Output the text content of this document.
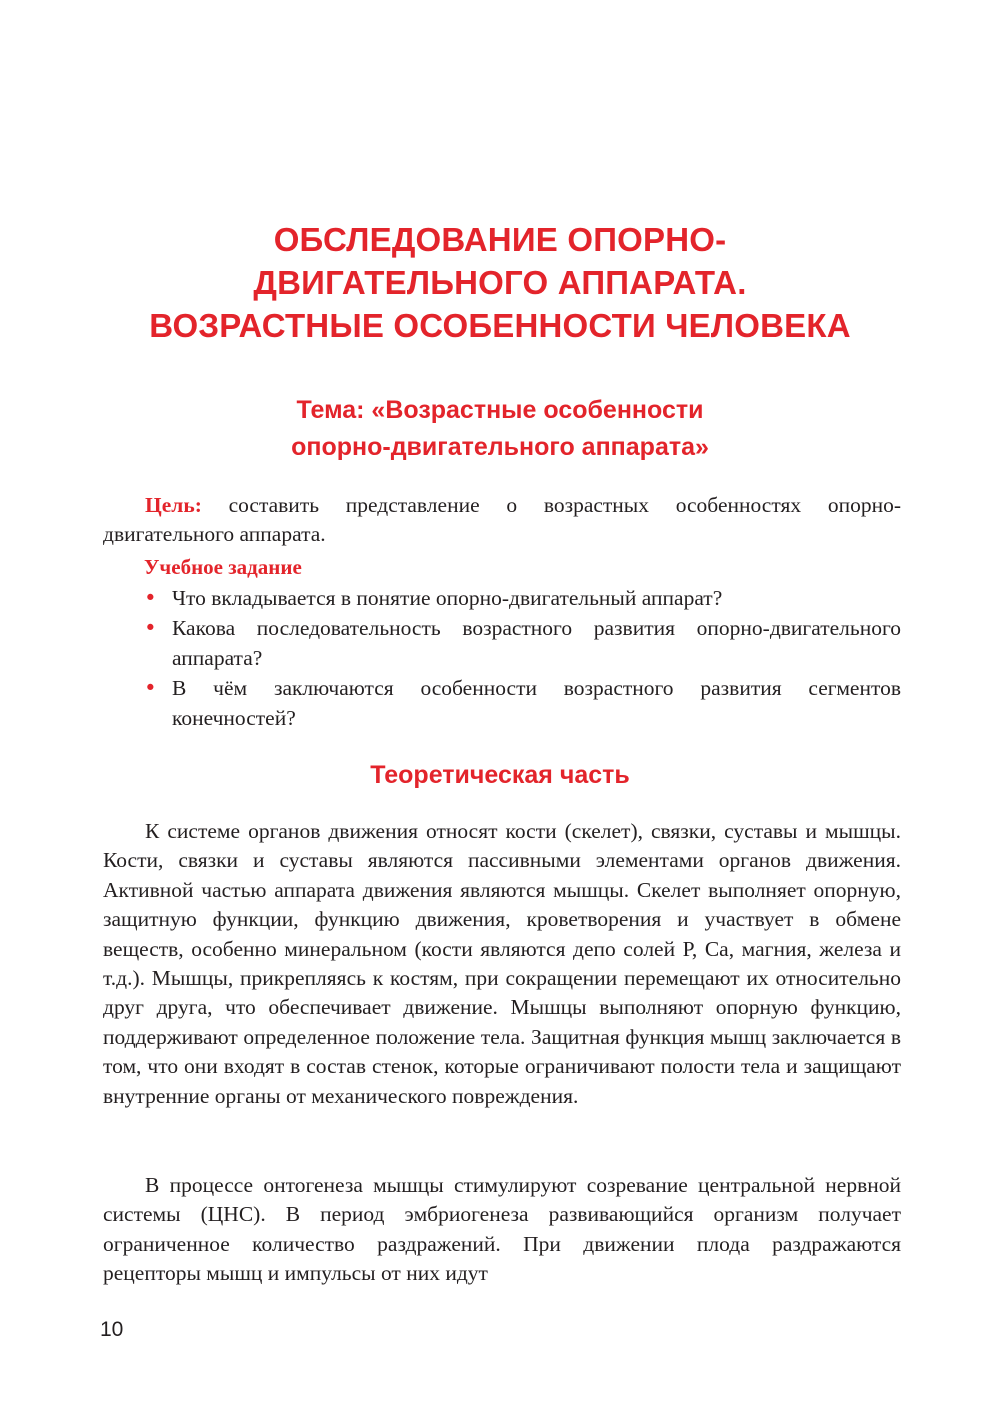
ОБСЛЕДОВАНИЕ ОПОРНО-
ДВИГАТЕЛЬНОГО АППАРАТА.
ВОЗРАСТНЫЕ ОСОБЕННОСТИ ЧЕЛОВЕКА
Тема: «Возрастные особенности
опорно-двигательного аппарата»

Цель: составить представление о возрастных особенностях опорно-двигательного аппарата.

Учебное задание
• Что вкладывается в понятие опорно-двигательный аппарат?
• Какова последовательность возрастного развития опорно-двигательного аппарата?
• В чём заключаются особенности возрастного развития сегментов конечностей?
Теоретическая часть

К системе органов движения относят кости (скелет), связки, суставы и мышцы. Кости, связки и суставы являются пассивными элементами органов движения. Активной частью аппарата движения являются мышцы. Скелет выполняет опорную, защитную функции, функцию движения, кроветворения и участвует в обмене веществ, особенно минеральном (кости являются депо солей Р, Са, магния, железа и т.д.). Мышцы, прикрепляясь к костям, при сокращении перемещают их относительно друг друга, что обеспечивает движение. Мышцы выполняют опорную функцию, поддерживают определенное положение тела. Защитная функция мышц заключается в том, что они входят в состав стенок, которые ограничивают полости тела и защищают внутренние органы от механического повреждения.

В процессе онтогенеза мышцы стимулируют созревание центральной нервной системы (ЦНС). В период эмбриогенеза развивающийся организм получает ограниченное количество раздражений. При движении плода раздражаются рецепторы мышц и импульсы от них идут

10
